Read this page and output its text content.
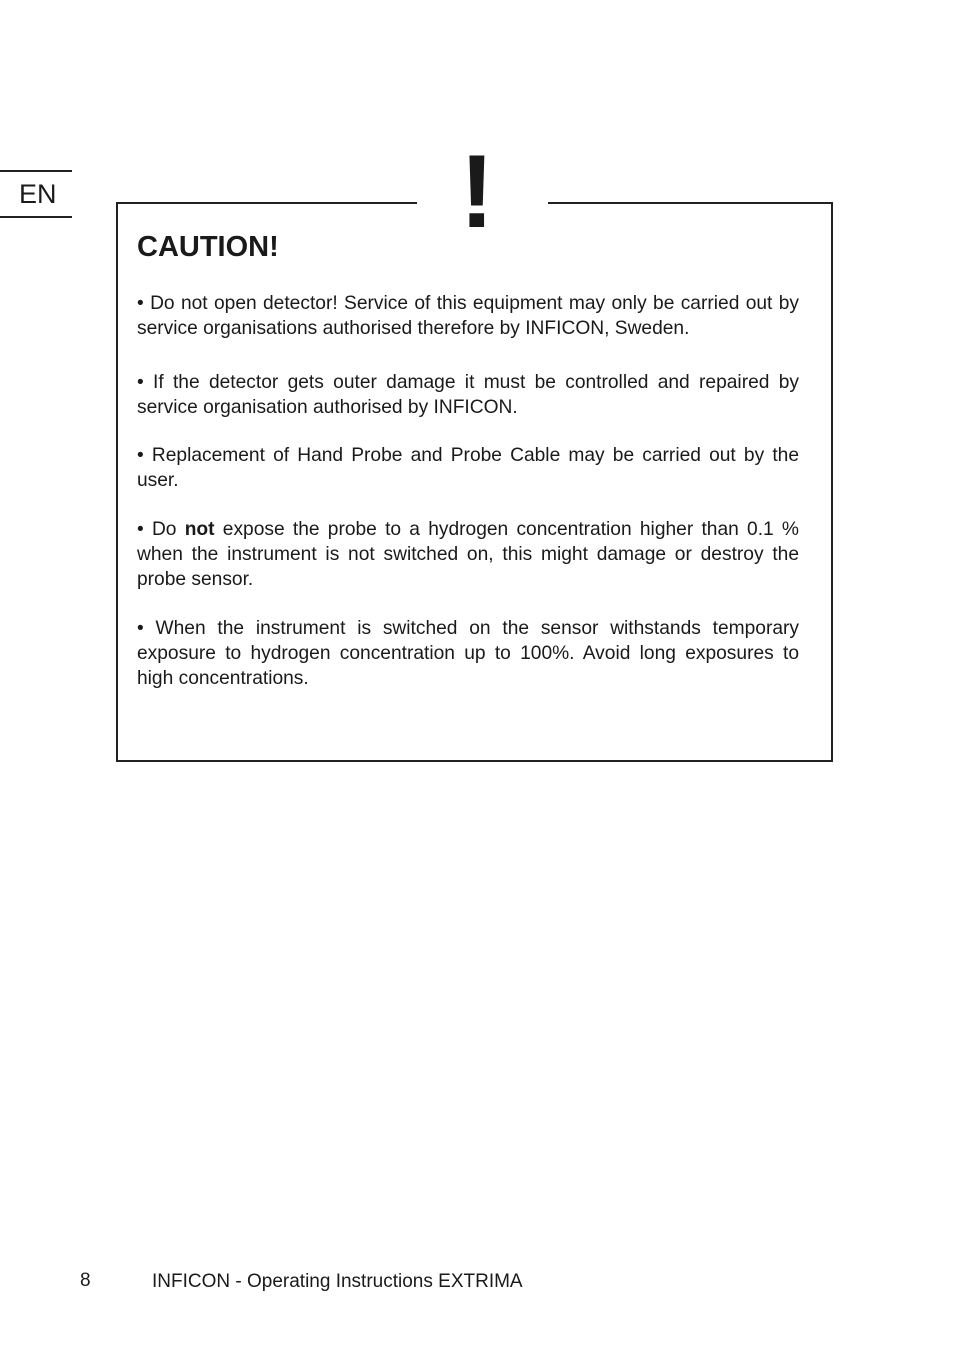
EN	!
CAUTION!

• Do not open detector! Service of this equipment may only be carried out by service organisations authorised therefore by INFICON, Sweden.

• If the detector gets outer damage it must be controlled and repaired by service organisation authorised by INFICON.

• Replacement of Hand Probe and Probe Cable may be carried out by the user.

• Do not expose the probe to a hydrogen concentration higher than 0.1 % when the instrument is not switched on, this might damage or destroy the probe sensor.

• When the instrument is switched on the sensor withstands temporary exposure to hydrogen concentration up to 100%. Avoid long exposures to high concentrations.

8	INFICON - Operating Instructions EXTRIMA
